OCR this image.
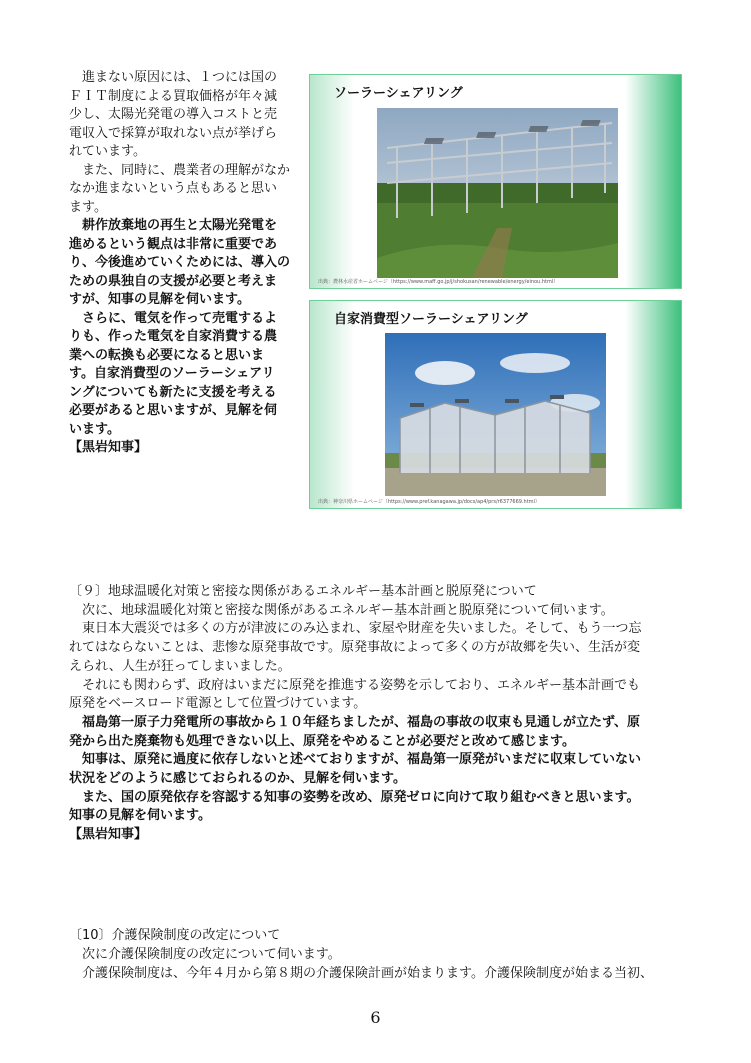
　進まない原因には、１つには国の
ＦＩＴ制度による買取価格が年々減
少し、太陽光発電の導入コストと売
電収入で採算が取れない点が挙げら
れています。
　また、同時に、農業者の理解がなか
なか進まないという点もあると思い
ます。
　耕作放棄地の再生と太陽光発電を
進めるという観点は非常に重要であ
り、今後進めていくためには、導入の
ための県独自の支援が必要と考えま
すが、知事の見解を伺います。
　さらに、電気を作って売電するよ
りも、作った電気を自家消費する農
業への転換も必要になると思いま
す。自家消費型のソーラーシェアリ
ングについても新たに支援を考える
必要があると思いますが、見解を伺
います。
【黒岩知事】
ソーラーシェアリング
出典：農林水産省ホームページ（https://www.maff.go.jp/j/shokusan/renewable/energy/einou.html）
自家消費型ソーラーシェアリング
出典：神奈川県ホームページ（https://www.pref.kanagawa.jp/docs/ap4/prs/r6377669.html）
〔９〕地球温暖化対策と密接な関係があるエネルギー基本計画と脱原発について
　次に、地球温暖化対策と密接な関係があるエネルギー基本計画と脱原発について伺います。
　東日本大震災では多くの方が津波にのみ込まれ、家屋や財産を失いました。そして、もう一つ忘
れてはならないことは、悲惨な原発事故です。原発事故によって多くの方が故郷を失い、生活が変
えられ、人生が狂ってしまいました。
　それにも関わらず、政府はいまだに原発を推進する姿勢を示しており、エネルギー基本計画でも
原発をベースロード電源として位置づけています。
　福島第一原子力発電所の事故から１０年経ちましたが、福島の事故の収束も見通しが立たず、原
発から出た廃棄物も処理できない以上、原発をやめることが必要だと改めて感じます。
　知事は、原発に過度に依存しないと述べておりますが、福島第一原発がいまだに収束していない
状況をどのように感じておられるのか、見解を伺います。
　また、国の原発依存を容認する知事の姿勢を改め、原発ゼロに向けて取り組むべきと思います。
知事の見解を伺います。
【黒岩知事】
〔10〕介護保険制度の改定について
　次に介護保険制度の改定について伺います。
　介護保険制度は、今年４月から第８期の介護保険計画が始まります。介護保険制度が始まる当初、
6
